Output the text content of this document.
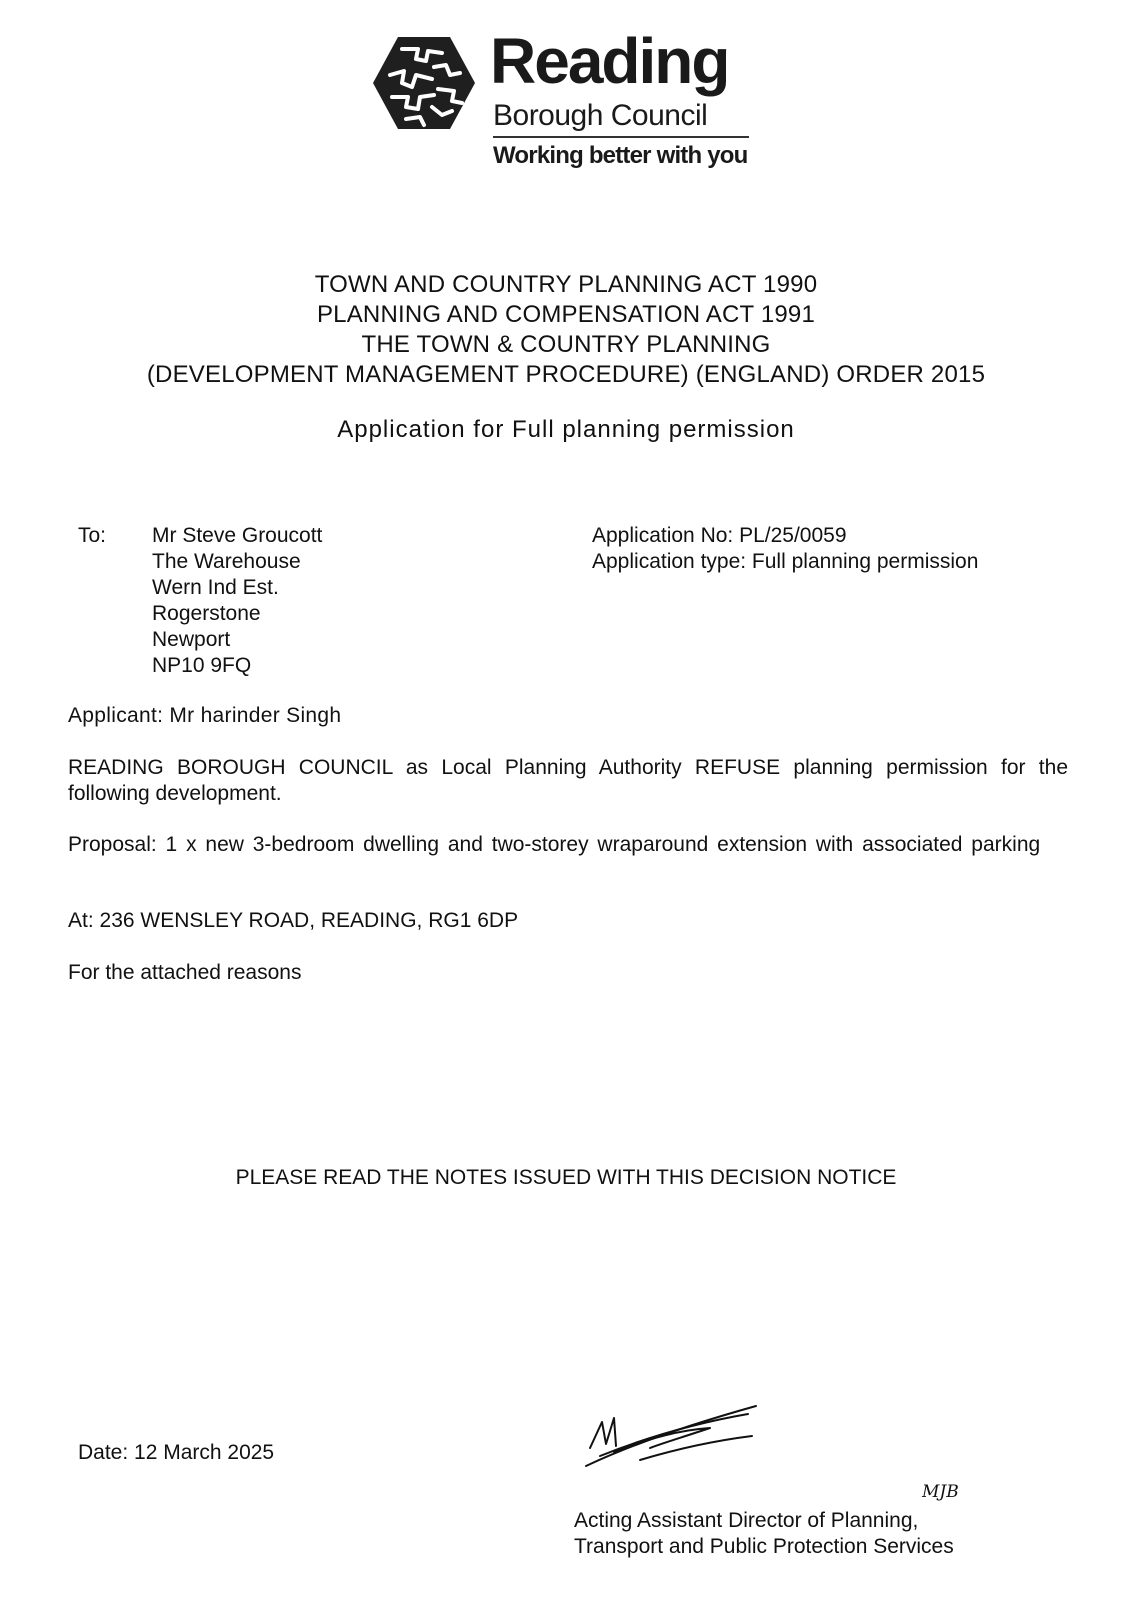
Reading
Borough Council
Working better with you
TOWN AND COUNTRY PLANNING ACT 1990
PLANNING AND COMPENSATION ACT 1991
THE TOWN & COUNTRY PLANNING
(DEVELOPMENT MANAGEMENT PROCEDURE) (ENGLAND) ORDER 2015
Application for Full planning permission
To: Mr Steve Groucott
The Warehouse
Wern Ind Est.
Rogerstone
Newport
NP10 9FQ
Application No: PL/25/0059
Application type: Full planning permission
Applicant: Mr harinder Singh
READING BOROUGH COUNCIL as Local Planning Authority REFUSE planning permission for the following development.
Proposal: 1 x new 3-bedroom dwelling and two-storey wraparound extension with associated parking
At: 236 WENSLEY ROAD, READING, RG1 6DP
For the attached reasons
PLEASE READ THE NOTES ISSUED WITH THIS DECISION NOTICE
Date: 12 March 2025
MJB
Acting Assistant Director of Planning,
Transport and Public Protection Services
